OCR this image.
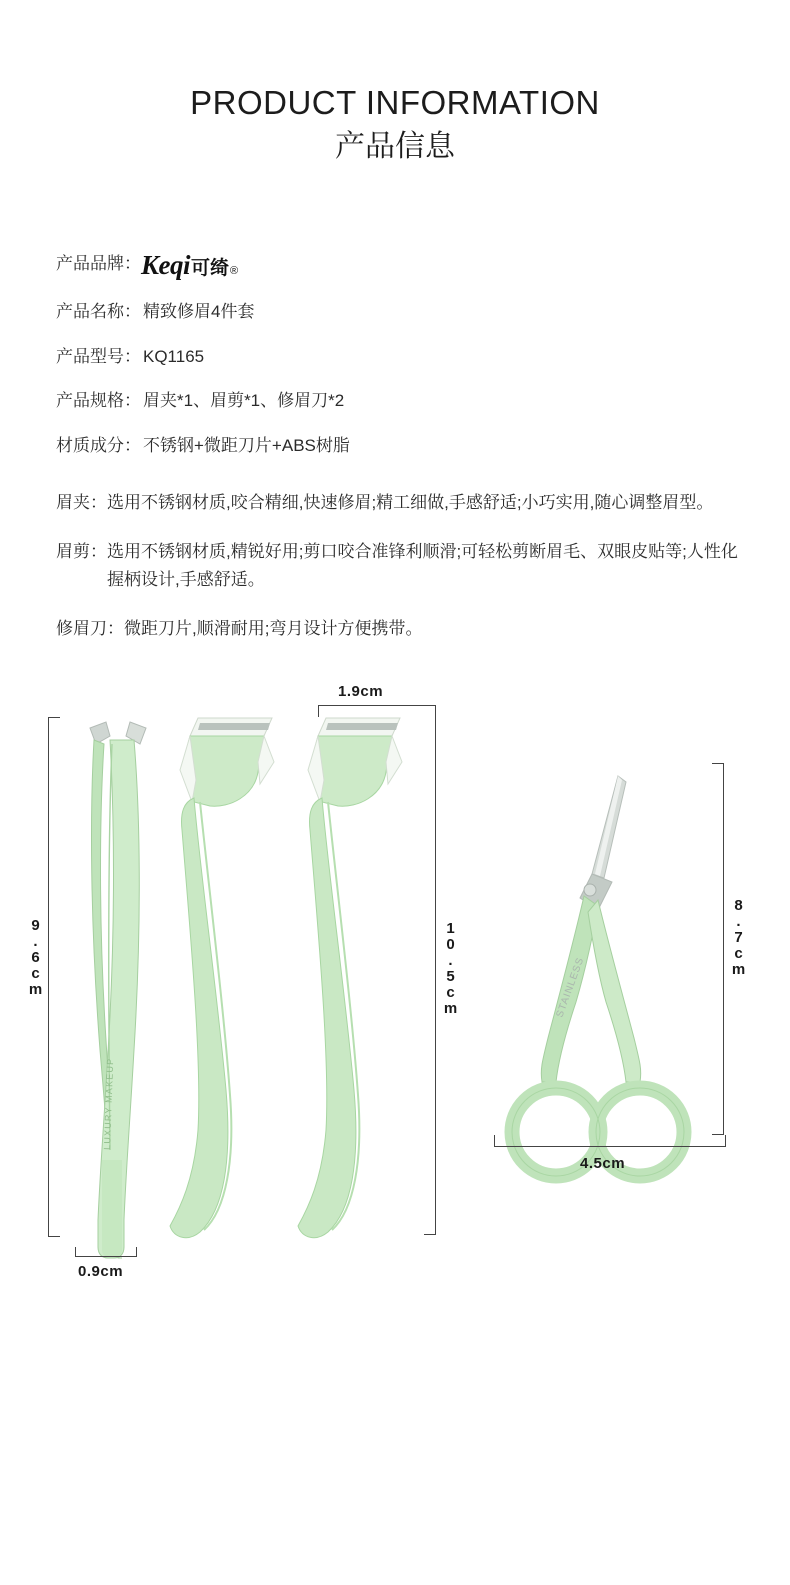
PRODUCT INFORMATION
产品信息
产品品牌： Keqi 可绮 ®
产品名称： 精致修眉4件套
产品型号： KQ1165
产品规格： 眉夹*1、眉剪*1、修眉刀*2
材质成分： 不锈钢+微距刀片+ABS树脂
眉夹： 选用不锈钢材质,咬合精细,快速修眉;精工细做,手感舒适;小巧实用,随心调整眉型。
眉剪： 选用不锈钢材质,精锐好用;剪口咬合准锋利顺滑;可轻松剪断眉毛、双眼皮贴等;人性化握柄设计,手感舒适。
修眉刀： 微距刀片,顺滑耐用;弯月设计方便携带。
LUXURY MAKEUP
9.6cm
0.9cm
1.9cm
10.5cm	STAINLESS
8.7cm
4.5cm
